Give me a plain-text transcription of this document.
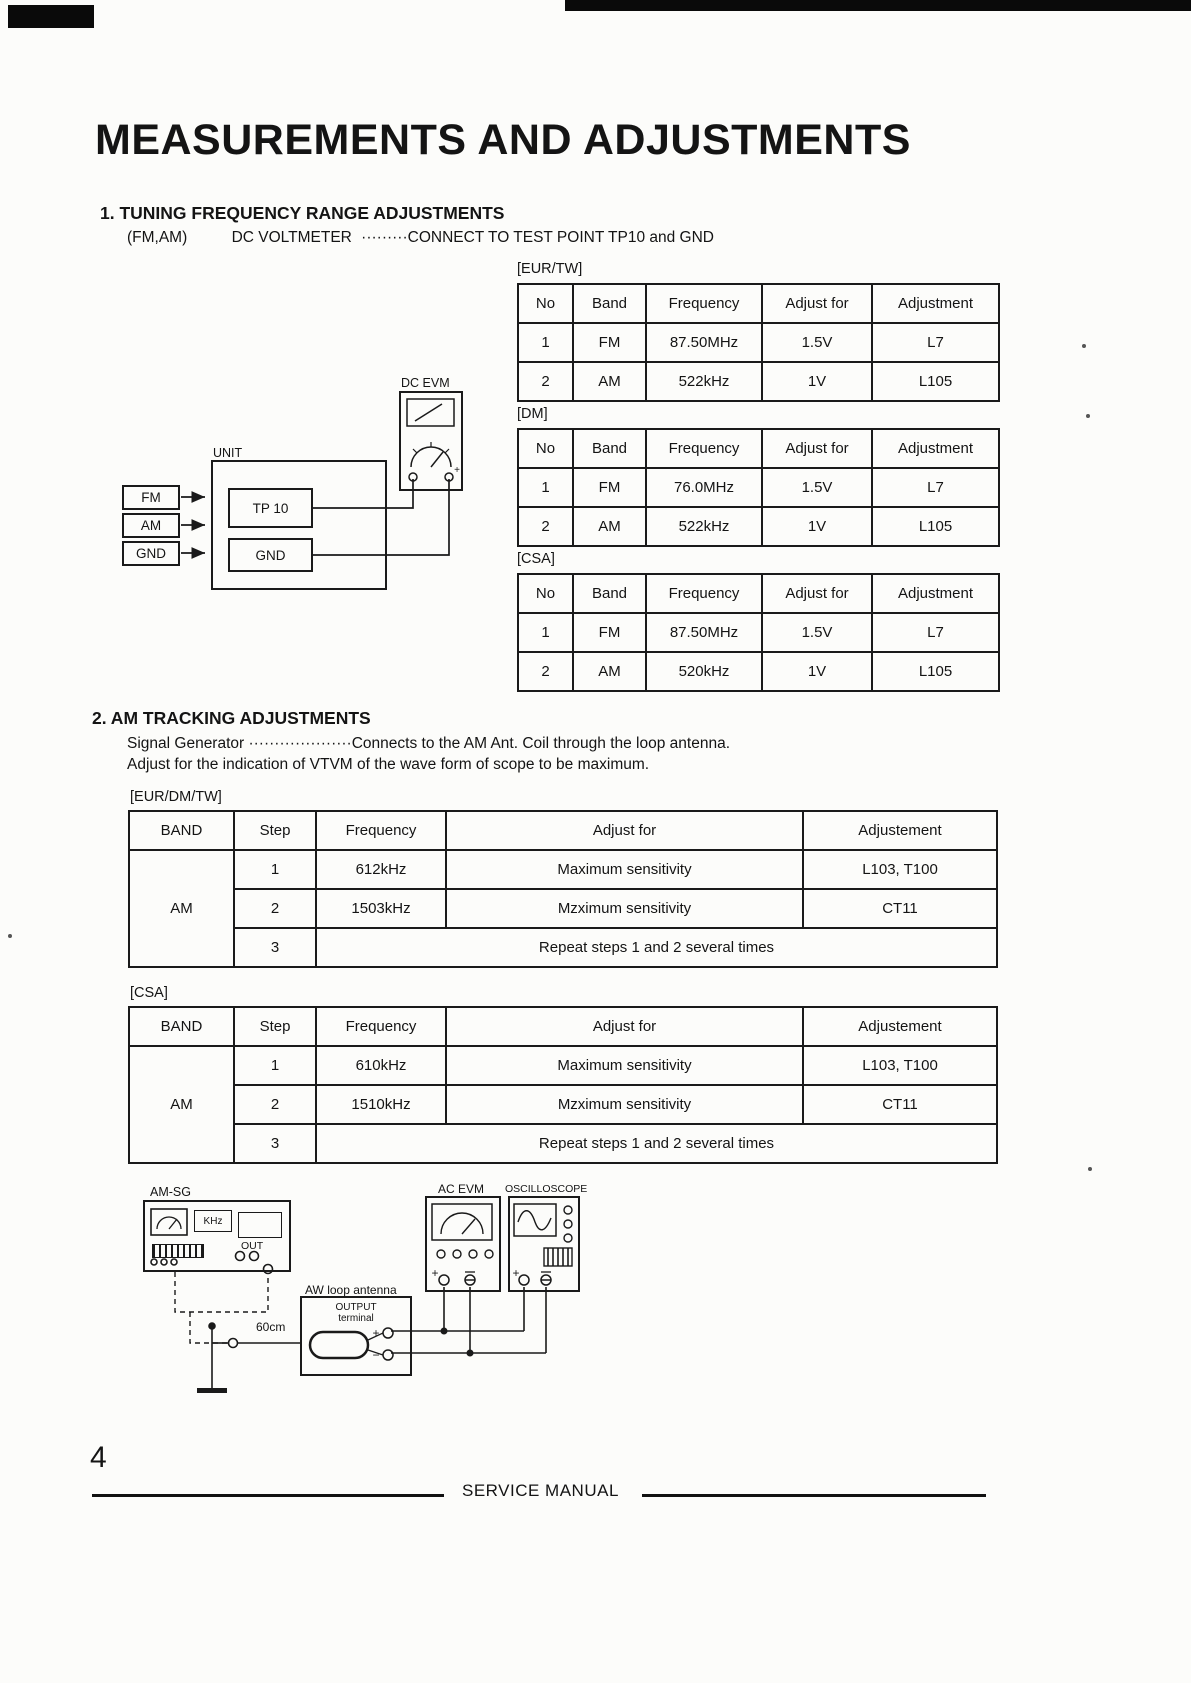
MEASUREMENTS AND ADJUSTMENTS
1. TUNING FREQUENCY RANGE ADJUSTMENTS
(FM,AM)	DC VOLTMETER ·········CONNECT TO TEST POINT TP10 and GND
DC EVM
+
UNIT
TP 10
GND
FM
AM
GND
[EUR/TW]
No	Band	Frequency	Adjust for	Adjustment
1	FM	87.50MHz	1.5V	L7
2	AM	522kHz	1V	L105
[DM]
No	Band	Frequency	Adjust for	Adjustment
1	FM	76.0MHz	1.5V	L7
2	AM	522kHz	1V	L105
[CSA]
No	Band	Frequency	Adjust for	Adjustment
1	FM	87.50MHz	1.5V	L7
2	AM	520kHz	1V	L105
2. AM TRACKING ADJUSTMENTS
Signal Generator ····················Connects to the AM Ant. Coil through the loop antenna.
Adjust for the indication of VTVM of the wave form of scope to be maximum.
[EUR/DM/TW]
BAND	Step	Frequency	Adjust for	Adjustement
AM	1	612kHz	Maximum sensitivity	L103, T100
	2	1503kHz	Mzximum sensitivity	CT11
	3	Repeat steps 1 and 2 several times		
[CSA]
BAND	Step	Frequency	Adjust for	Adjustement
AM	1	610kHz	Maximum sensitivity	L103, T100
	2	1510kHz	Mzximum sensitivity	CT11
	3	Repeat steps 1 and 2 several times		
AM-SG
KHz
OUT
AC EVM
+
OSCILLOSCOPE
+
AW loop antenna
OUTPUT
terminal
+
−
60cm
4
SERVICE MANUAL
